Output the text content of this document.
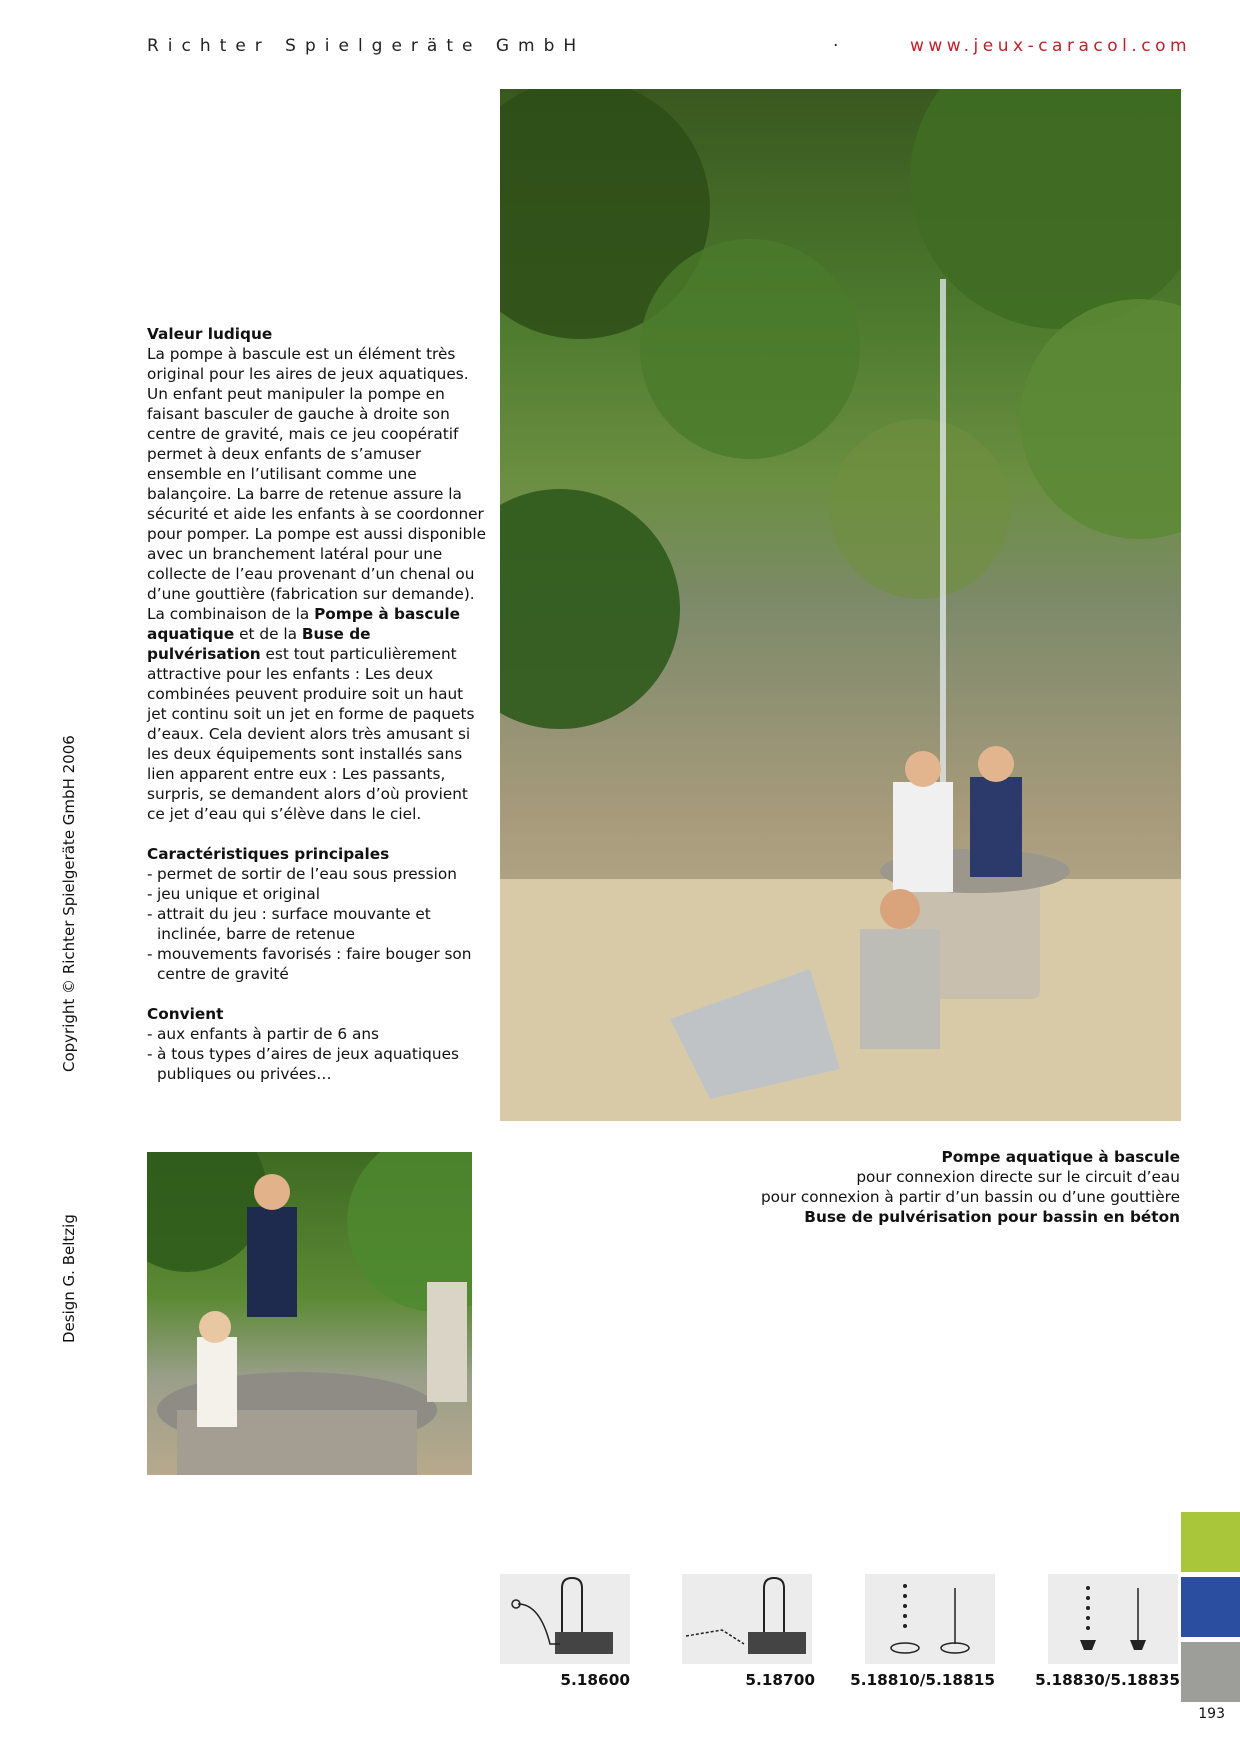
Richter Spielgeräte GmbH	·	www.jeux-caracol.com
Valeur ludique

La pompe à bascule est un élément très original pour les aires de jeux aquatiques. Un enfant peut manipuler la pompe en faisant basculer de gauche à droite son centre de gravité, mais ce jeu coopératif permet à deux enfants de s’amuser ensemble en l’utilisant comme une balançoire. La barre de retenue assure la sécurité et aide les enfants à se coordonner pour pomper. La pompe est aussi disponible avec un branchement latéral pour une collecte de l’eau provenant d’un chenal ou d’une gouttière (fabrication sur demande). La combinaison de la Pompe à bascule aquatique et de la Buse de pulvérisation est tout particulièrement attractive pour les enfants : Les deux combinées peuvent produire soit un haut jet continu soit un jet en forme de paquets d’eaux. Cela devient alors très amusant si les deux équipements sont installés sans lien apparent entre eux : Les passants, surpris, se demandent alors d’où provient ce jet d’eau qui s’élève dans le ciel.

Caractéristiques principales
- permet de sortir de l’eau sous pression
- jeu unique et original
- attrait du jeu : surface mouvante et inclinée, barre de retenue
- mouvements favorisés : faire bouger son centre de gravité
Convient
- aux enfants à partir de 6 ans
- à tous types d’aires de jeux aquatiques publiques ou privées…
Copyright © Richter Spielgeräte GmbH 2006
Design G. Beltzig
Pompe aquatique à bascule
pour connexion directe sur le circuit d’eau
pour connexion à partir d’un bassin ou d’une gouttière
Buse de pulvérisation pour bassin en béton
5.18600	5.18700	5.18810/5.18815	5.18830/5.18835
193
